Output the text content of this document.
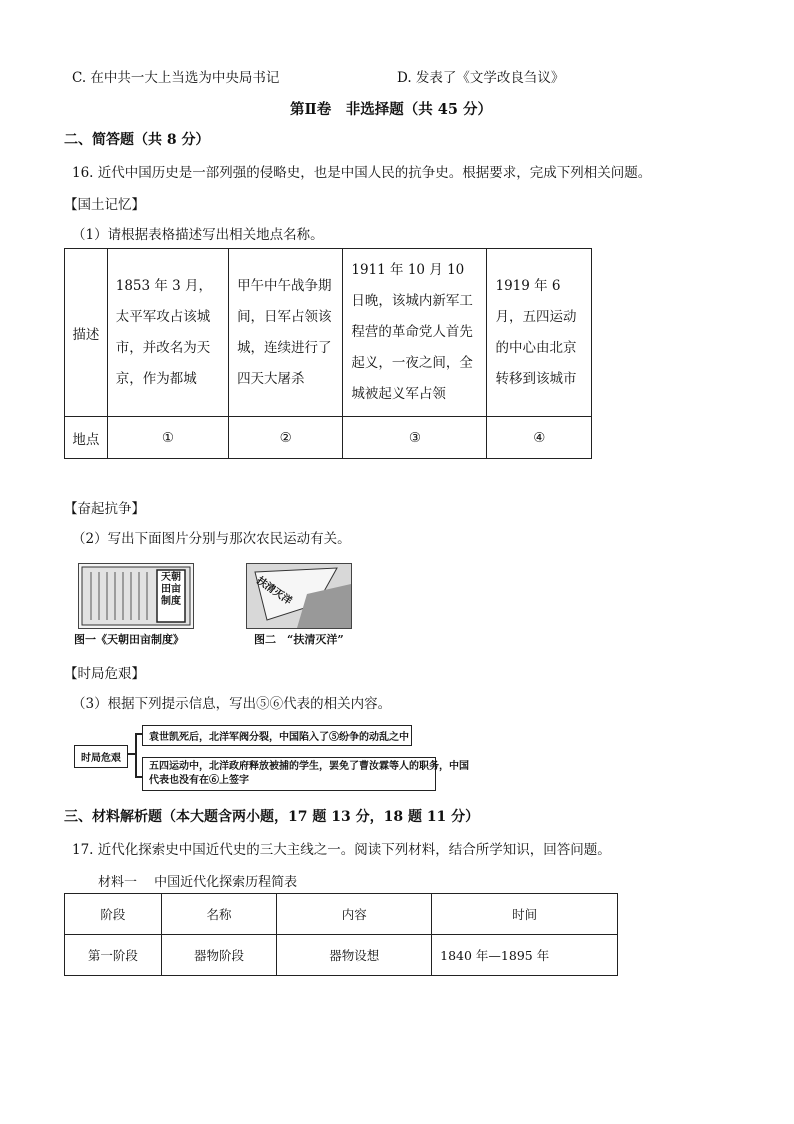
C. 在中共一大上当选为中央局书记	D. 发表了《文学改良刍议》
第Ⅱ卷　非选择题（共 45 分）
二、简答题（共 8 分）
16. 近代中国历史是一部列强的侵略史，也是中国人民的抗争史。根据要求，完成下列相关问题。
【国土记忆】
（1）请根据表格描述写出相关地点名称。
描述	1853 年 3 月，太平军攻占该城市，并改名为天京，作为都城	甲午中午战争期间，日军占领该城，连续进行了四天大屠杀	1911 年 10 月 10 日晚，该城内新军工程营的革命党人首先起义，一夜之间，全城被起义军占领	1919 年 6 月，五四运动的中心由北京转移到该城市
地点	①	②	③	④
【奋起抗争】
（2）写出下面图片分别与那次农民运动有关。
天朝田亩制度
图一《天朝田亩制度》
扶清灭洋
图二　“扶清灭洋”
【时局危艰】
（3）根据下列提示信息，写出⑤⑥代表的相关内容。
时局危艰
袁世凯死后，北洋军阀分裂，中国陷入了⑤纷争的动乱之中
五四运动中，北洋政府释放被捕的学生，罢免了曹汝霖等人的职务，中国
代表也没有在⑥上签字
三、材料解析题（本大题含两小题，17 题 13 分，18 题 11 分）
17. 近代化探索史中国近代史的三大主线之一。阅读下列材料，结合所学知识，回答问题。
材料一　 中国近代化探索历程简表
阶段	名称	内容	时间
第一阶段	器物阶段	器物设想	1840 年—1895 年
